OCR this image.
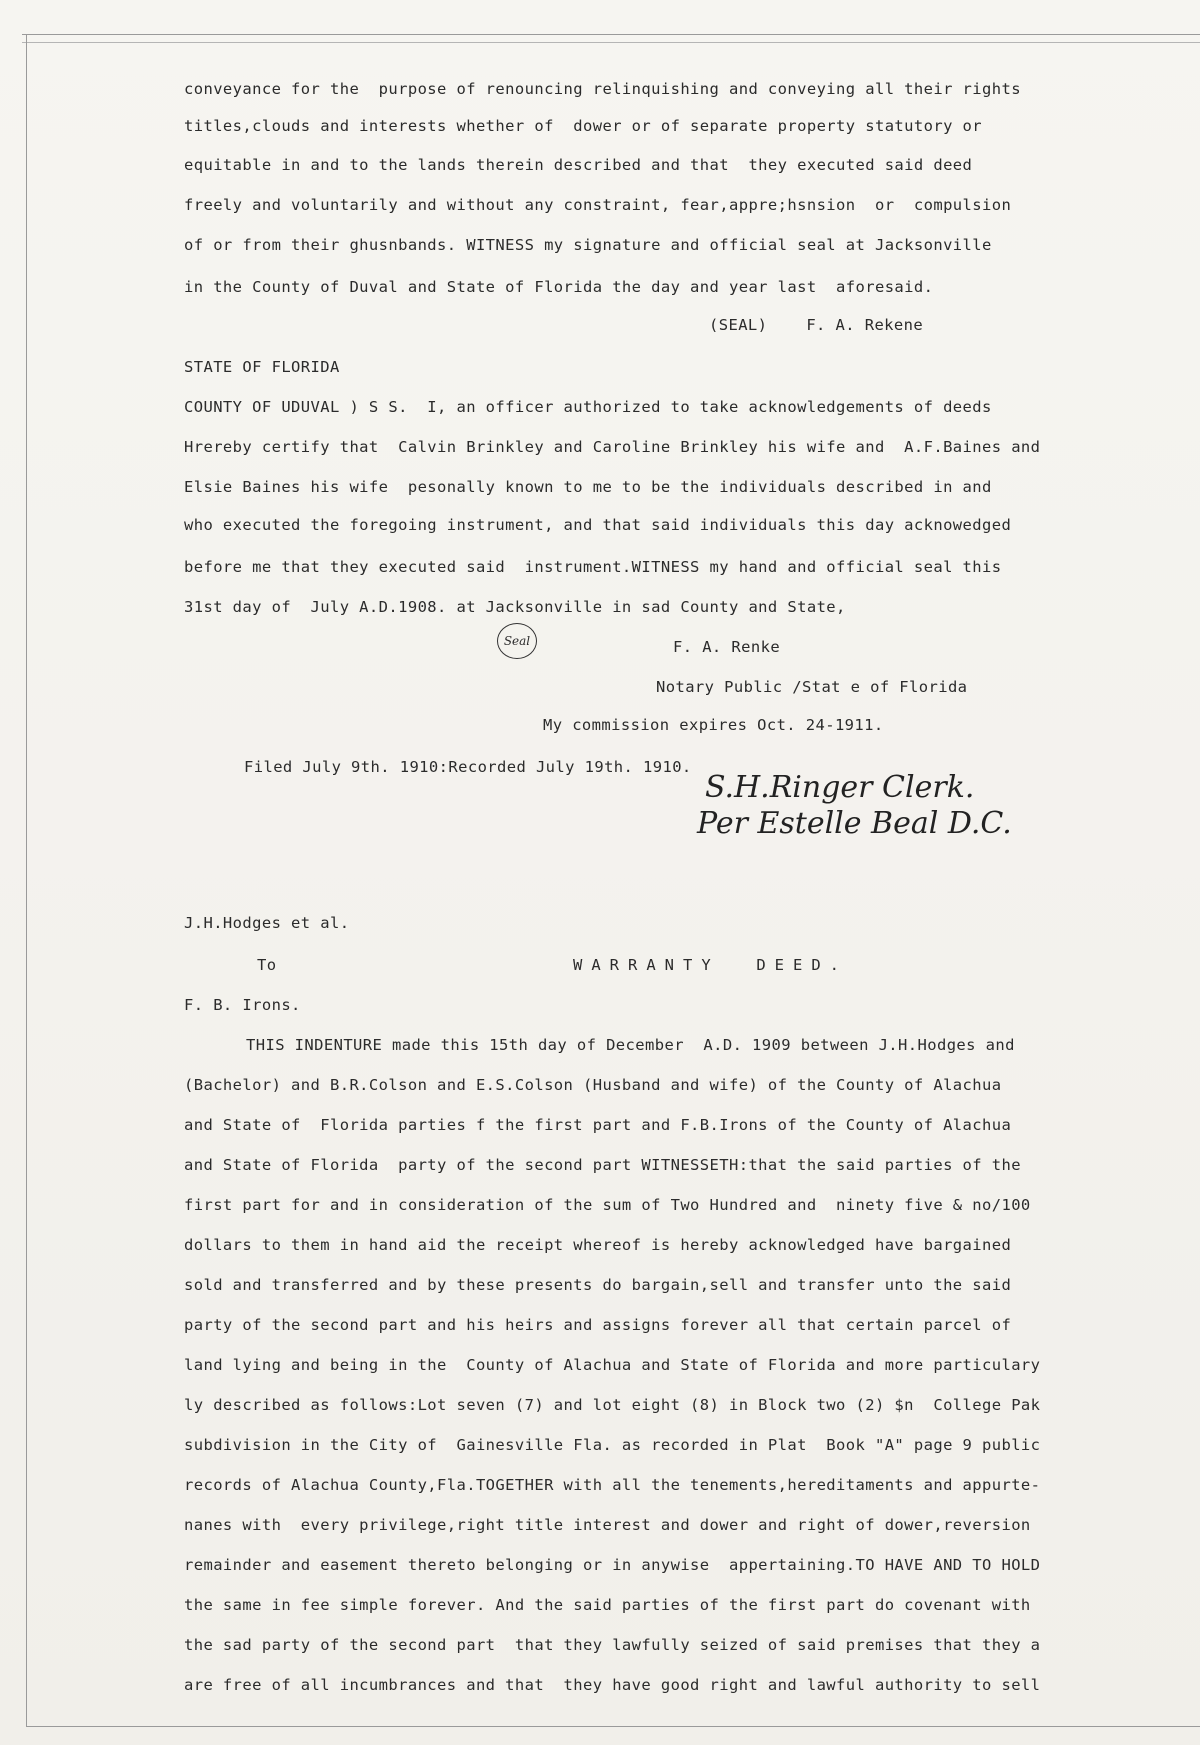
conveyance for the  purpose of renouncing relinquishing and conveying all their rights
titles,clouds and interests whether of  dower or of separate property statutory or
equitable in and to the lands therein described and that  they executed said deed
freely and voluntarily and without any constraint, fear,appre;hsnsion  or  compulsion
of or from their ghusnbands. WITNESS my signature and official seal at Jacksonville
in the County of Duval and State of Florida the day and year last  aforesaid.
(SEAL)    F. A. Rekene
STATE OF FLORIDA
COUNTY OF UDUVAL ) S S.  I, an officer authorized to take acknowledgements of deeds
Hrereby certify that  Calvin Brinkley and Caroline Brinkley his wife and  A.F.Baines and
Elsie Baines his wife  pesonally known to me to be the individuals described in and
who executed the foregoing instrument, and that said individuals this day acknowedged
before me that they executed said  instrument.WITNESS my hand and official seal this
31st day of  July A.D.1908. at Jacksonville in sad County and State,
Seal	F. A. Renke
Notary Public /Stat e of Florida
My commission expires Oct. 24-1911.
Filed July 9th. 1910:Recorded July 19th. 1910.
S.H.Ringer Clerk.
Per Estelle Beal D.C.
J.H.Hodges et al.
To	WARRANTY  DEED.
F. B. Irons.
THIS INDENTURE made this 15th day of December  A.D. 1909 between J.H.Hodges and
(Bachelor) and B.R.Colson and E.S.Colson (Husband and wife) of the County of Alachua
and State of  Florida parties f the first part and F.B.Irons of the County of Alachua
and State of Florida  party of the second part WITNESSETH:that the said parties of the
first part for and in consideration of the sum of Two Hundred and  ninety five & no/100
dollars to them in hand aid the receipt whereof is hereby acknowledged have bargained
sold and transferred and by these presents do bargain,sell and transfer unto the said
party of the second part and his heirs and assigns forever all that certain parcel of
land lying and being in the  County of Alachua and State of Florida and more particulary
ly described as follows:Lot seven (7) and lot eight (8) in Block two (2) $n  College Pak
subdivision in the City of  Gainesville Fla. as recorded in Plat  Book "A" page 9 public
records of Alachua County,Fla.TOGETHER with all the tenements,hereditaments and appurte-
nanes with  every privilege,right title interest and dower and right of dower,reversion
remainder and easement thereto belonging or in anywise  appertaining.TO HAVE AND TO HOLD
the same in fee simple forever. And the said parties of the first part do covenant with
the sad party of the second part  that they lawfully seized of said premises that they a
are free of all incumbrances and that  they have good right and lawful authority to sell
